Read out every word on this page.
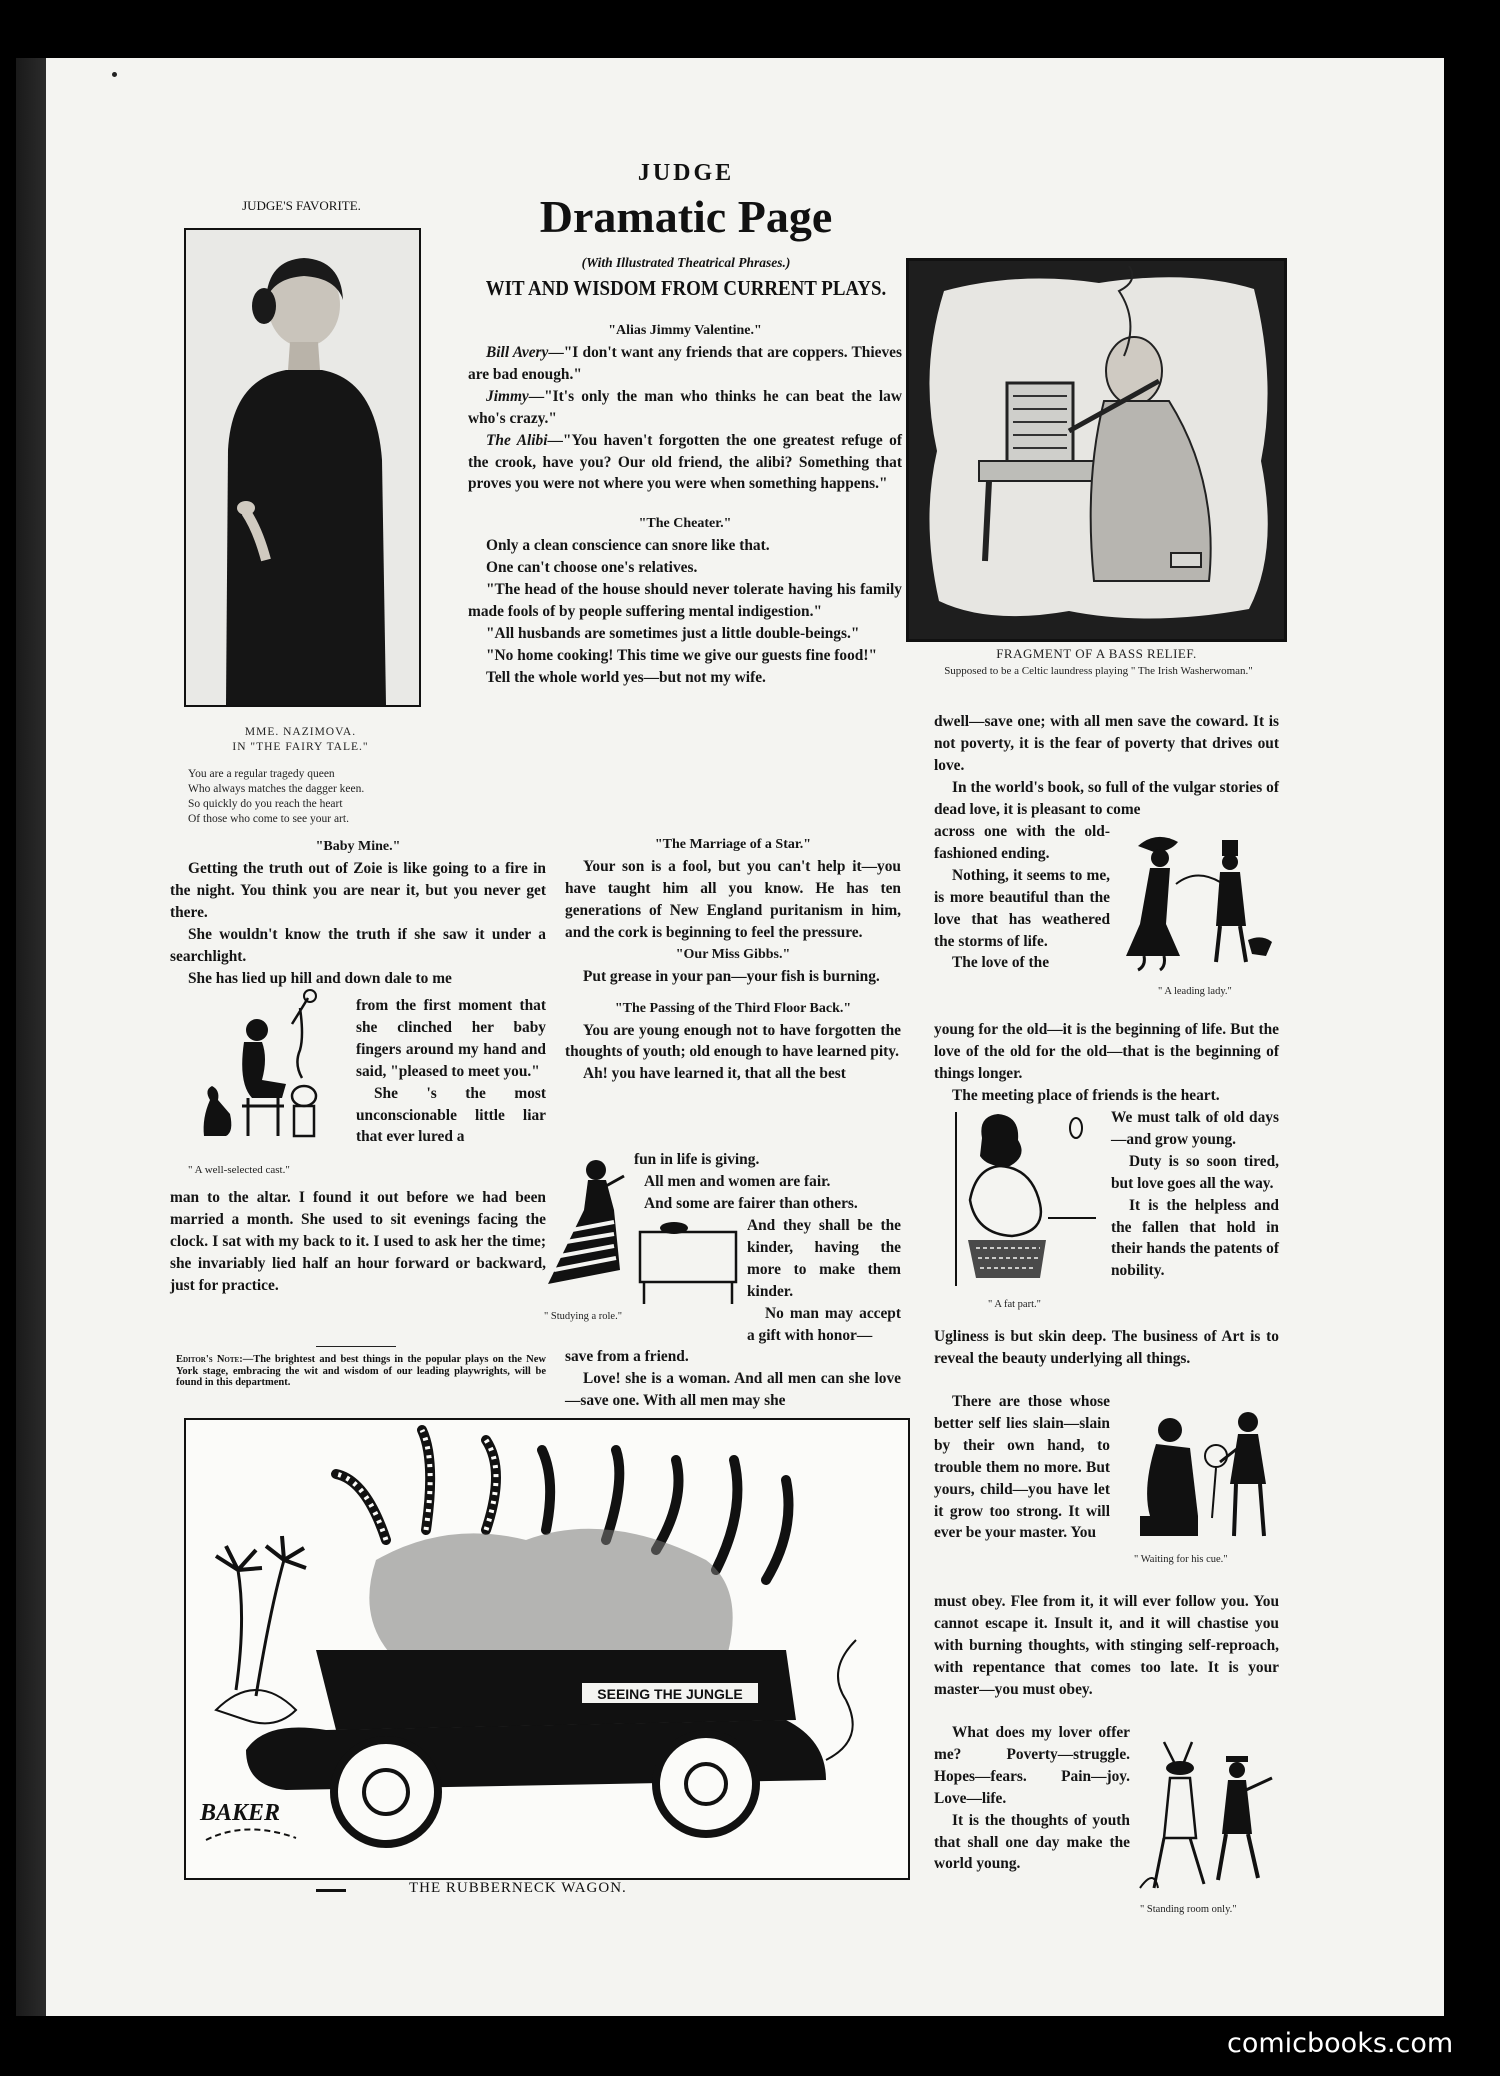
JUDGE
Dramatic Page
(With Illustrated Theatrical Phrases.)
WIT AND WISDOM FROM CURRENT PLAYS.
JUDGE'S FAVORITE.
MME. NAZIMOVA.
IN "THE FAIRY TALE."
You are a regular tragedy queen
Who always matches the dagger keen.
So quickly do you reach the heart
Of those who come to see your art.
FRAGMENT OF A BASS RELIEF.
Supposed to be a Celtic laundress playing " The Irish Washerwoman."
"Alias Jimmy Valentine."

Bill Avery—"I don't want any friends that are coppers. Thieves are bad enough."

Jimmy—"It's only the man who thinks he can beat the law who's crazy."

The Alibi—"You haven't forgotten the one greatest refuge of the crook, have you? Our old friend, the alibi? Something that proves you were not where you were when something happens."

"The Cheater."

Only a clean conscience can snore like that.

One can't choose one's relatives.

"The head of the house should never tolerate having his family made fools of by people suffering mental indigestion."

"All husbands are sometimes just a little double-beings."

"No home cooking! This time we give our guests fine food!"

Tell the whole world yes—but not my wife.

"Baby Mine."

Getting the truth out of Zoie is like going to a fire in the night. You think you are near it, but you never get there.

She wouldn't know the truth if she saw it under a searchlight.

She has lied up hill and down dale to me

from the first moment that she clinched her baby fingers around my hand and said, "pleased to meet you."

She 's the most unconscionable little liar that ever lured a

" A well-selected cast."

man to the altar. I found it out before we had been married a month. She used to sit evenings facing the clock. I sat with my back to it. I used to ask her the time; she invariably lied half an hour forward or backward, just for practice.

Editor's Note:—The brightest and best things in the popular plays on the New York stage, embracing the wit and wisdom of our leading playwrights, will be found in this department.
"The Marriage of a Star."

Your son is a fool, but you can't help it—you have taught him all you know. He has ten generations of New England puritanism in him, and the cork is beginning to feel the pressure.

"Our Miss Gibbs."

Put grease in your pan—your fish is burning.

"The Passing of the Third Floor Back."

You are young enough not to have forgotten the thoughts of youth; old enough to have learned pity.

Ah! you have learned it, that all the best

fun in life is giving.

All men and women are fair.

And some are fairer than others.

And they shall be the kinder, having the more to make them kinder.

No man may accept a gift with honor—

" Studying a role."

save from a friend.

Love! she is a woman. And all men can she love—save one. With all men may she

dwell—save one; with all men save the coward. It is not poverty, it is the fear of poverty that drives out love.

In the world's book, so full of the vulgar stories of dead love, it is pleasant to come

across one with the old-fashioned ending.

Nothing, it seems to me, is more beautiful than the love that has weathered the storms of life.

The love of the

" A leading lady."

young for the old—it is the beginning of life. But the love of the old for the old—that is the beginning of things longer.

The meeting place of friends is the heart.

We must talk of old days—and grow young.

Duty is so soon tired, but love goes all the way.

It is the helpless and the fallen that hold in their hands the patents of nobility.

" A fat part."

Ugliness is but skin deep. The business of Art is to reveal the beauty underlying all things.

There are those whose better self lies slain—slain by their own hand, to trouble them no more. But yours, child—you have let it grow too strong. It will ever be your master. You

" Waiting for his cue."

must obey. Flee from it, it will ever follow you. You cannot escape it. Insult it, and it will chastise you with burning thoughts, with stinging self-reproach, with repentance that comes too late. It is your master—you must obey.

What does my lover offer me? Poverty—struggle. Hopes—fears. Pain—joy. Love—life.

It is the thoughts of youth that shall one day make the world young.

" Standing room only."
SEEING THE JUNGLE
BAKER
THE RUBBERNECK WAGON.
comicbooks.com
